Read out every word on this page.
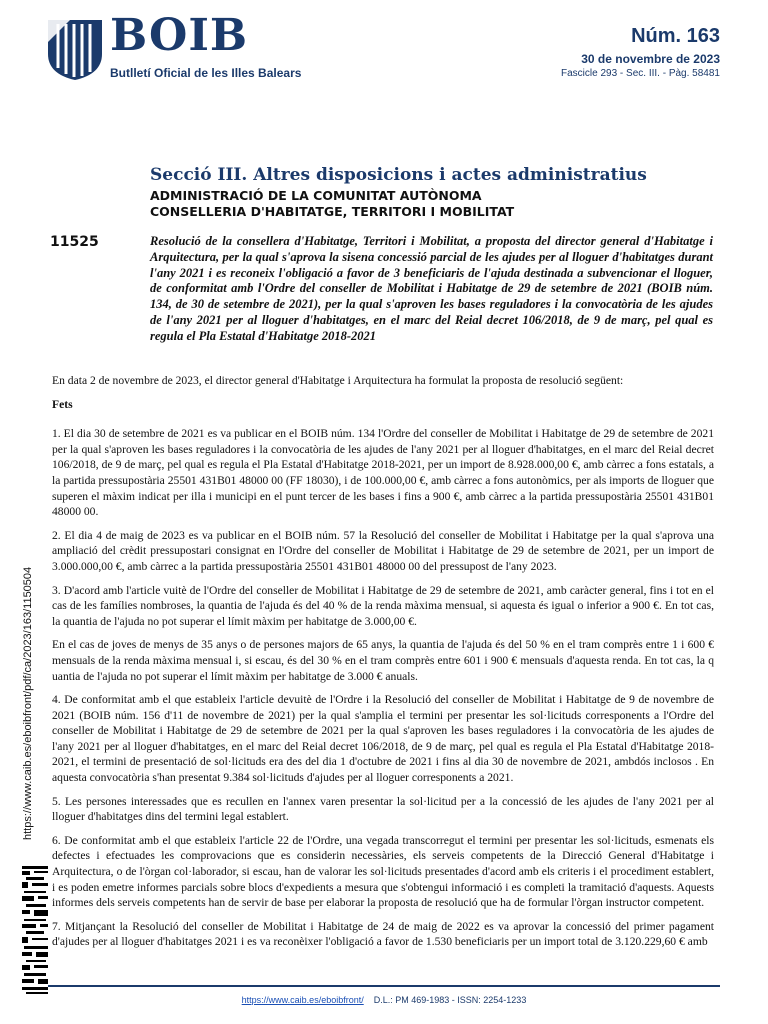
BOIB
Butlletí Oficial de les Illes Balears
Núm. 163
30 de novembre de 2023
Fascicle 293 - Sec. III. - Pàg. 58481
Secció III. Altres disposicions i actes administratius
ADMINISTRACIÓ DE LA COMUNITAT AUTÒNOMA
CONSELLERIA D'HABITATGE, TERRITORI I MOBILITAT
11525	Resolució de la consellera d'Habitatge, Territori i Mobilitat, a proposta del director general d'Habitatge i Arquitectura, per la qual s'aprova la sisena concessió parcial de les ajudes per al lloguer d'habitatges durant l'any 2021 i es reconeix l'obligació a favor de 3 beneficiaris de l'ajuda destinada a subvencionar el lloguer, de conformitat amb l'Ordre del conseller de Mobilitat i Habitatge de 29 de setembre de 2021 (BOIB núm. 134, de 30 de setembre de 2021), per la qual s'aproven les bases reguladores i la convocatòria de les ajudes de l'any 2021 per al lloguer d'habitatges, en el marc del Reial decret 106/2018, de 9 de març, pel qual es regula el Pla Estatal d'Habitatge 2018-2021

En data 2 de novembre de 2023, el director general d'Habitatge i Arquitectura ha formulat la proposta de resolució següent:

Fets

1. El dia 30 de setembre de 2021 es va publicar en el BOIB núm. 134 l'Ordre del conseller de Mobilitat i Habitatge de 29 de setembre de 2021 per la qual s'aproven les bases reguladores i la convocatòria de les ajudes de l'any 2021 per al lloguer d'habitatges, en el marc del Reial decret 106/2018, de 9 de març, pel qual es regula el Pla Estatal d'Habitatge 2018-2021, per un import de 8.928.000,00 €, amb càrrec a fons estatals, a la partida pressupostària 25501 431B01 48000 00 (FF 18030), i de 100.000,00 €, amb càrrec a fons autonòmics, per als imports de lloguer que superen el màxim indicat per illa i municipi en el punt tercer de les bases i fins a 900 €, amb càrrec a la partida pressupostària 25501 431B01 48000 00.

2. El dia 4 de maig de 2023 es va publicar en el BOIB núm. 57 la Resolució del conseller de Mobilitat i Habitatge per la qual s'aprova una ampliació del crèdit pressupostari consignat en l'Ordre del conseller de Mobilitat i Habitatge de 29 de setembre de 2021, per un import de 3.000.000,00 €, amb càrrec a la partida pressupostària 25501 431B01 48000 00 del pressupost de l'any 2023.

3. D'acord amb l'article vuitè de l'Ordre del conseller de Mobilitat i Habitatge de 29 de setembre de 2021, amb caràcter general, fins i tot en el cas de les famílies nombroses, la quantia de l'ajuda és del 40 % de la renda màxima mensual, si aquesta és igual o inferior a 900 €. En tot cas, la quantia de l'ajuda no pot superar el límit màxim per habitatge de 3.000,00 €.

En el cas de joves de menys de 35 anys o de persones majors de 65 anys, la quantia de l'ajuda és del 50 % en el tram comprès entre 1 i 600 € mensuals de la renda màxima mensual i, si escau, és del 30 % en el tram comprès entre 601 i 900 € mensuals d'aquesta renda. En tot cas, la q uantia de l'ajuda no pot superar el límit màxim per habitatge de 3.000 € anuals.

4. De conformitat amb el que estableix l'article devuitè de l'Ordre i la Resolució del conseller de Mobilitat i Habitatge de 9 de novembre de 2021 (BOIB núm. 156 d'11 de novembre de 2021) per la qual s'amplia el termini per presentar les sol·licituds corresponents a l'Ordre del conseller de Mobilitat i Habitatge de 29 de setembre de 2021 per la qual s'aproven les bases reguladores i la convocatòria de les ajudes de l'any 2021 per al lloguer d'habitatges, en el marc del Reial decret 106/2018, de 9 de març, pel qual es regula el Pla Estatal d'Habitatge 2018-2021, el termini de presentació de sol·licituds era des del dia 1 d'octubre de 2021 i fins al dia 30 de novembre de 2021, ambdós inclosos . En aquesta convocatòria s'han presentat 9.384 sol·licituds d'ajudes per al lloguer corresponents a 2021.

5. Les persones interessades que es recullen en l'annex varen presentar la sol·licitud per a la concessió de les ajudes de l'any 2021 per al lloguer d'habitatges dins del termini legal establert.

6. De conformitat amb el que estableix l'article 22 de l'Ordre, una vegada transcorregut el termini per presentar les sol·licituds, esmenats els defectes i efectuades les comprovacions que es considerin necessàries, els serveis competents de la Direcció General d'Habitatge i Arquitectura, o de l'òrgan col·laborador, si escau, han de valorar les sol·licituds presentades d'acord amb els criteris i el procediment establert, i es poden emetre informes parcials sobre blocs d'expedients a mesura que s'obtengui informació i es completi la tramitació d'aquests. Aquests informes dels serveis competents han de servir de base per elaborar la proposta de resolució que ha de formular l'òrgan instructor competent.

7. Mitjançant la Resolució del conseller de Mobilitat i Habitatge de 24 de maig de 2022 es va aprovar la concessió del primer pagament d'ajudes per al lloguer d'habitatges 2021 i es va reconèixer l'obligació a favor de 1.530 beneficiaris per un import total de 3.120.229,60 € amb

https://www.caib.es/eboibfront/pdf/ca/2023/163/1150504
https://www.caib.es/eboibfront/ D.L.: PM 469-1983 - ISSN: 2254-1233
